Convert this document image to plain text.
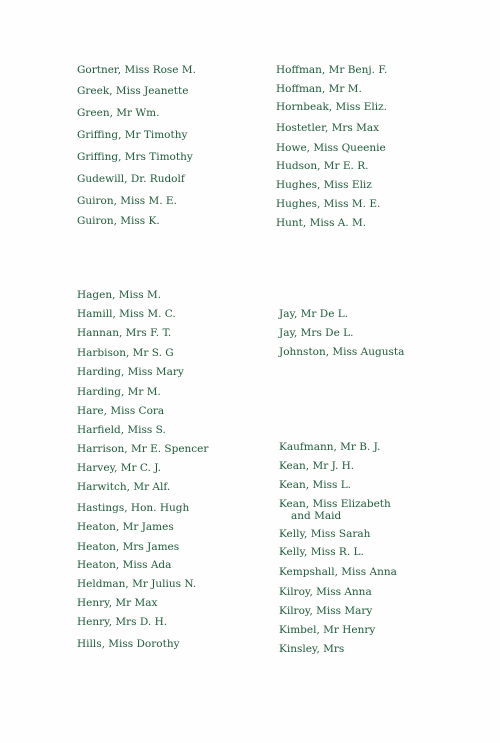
Gortner, Miss Rose M.
Greek, Miss Jeanette
Green, Mr Wm.
Griffing, Mr Timothy
Griffing, Mrs Timothy
Gudewill, Dr. Rudolf
Guiron, Miss M. E.
Guiron, Miss K.
Hoffman, Mr Benj. F.
Hoffman, Mr M.
Hornbeak, Miss Eliz.
Hostetler, Mrs Max
Howe, Miss Queenie
Hudson, Mr E. R.
Hughes, Miss Eliz
Hughes, Miss M. E.
Hunt, Miss A. M.
Hagen, Miss M.
Hamill, Miss M. C.
Hannan, Mrs F. T.
Harbison, Mr S. G
Harding, Miss Mary
Harding, Mr M.
Hare, Miss Cora
Harfield, Miss S.
Harrison, Mr E. Spencer
Harvey, Mr C. J.
Harwitch, Mr Alf.
Hastings, Hon. Hugh
Heaton, Mr James
Heaton, Mrs James
Heaton, Miss Ada
Heldman, Mr Julius N.
Henry, Mr Max
Henry, Mrs D. H.
Hills, Miss Dorothy
Jay, Mr De L.
Jay, Mrs De L.
Johnston, Miss Augusta
Kaufmann, Mr B. J.
Kean, Mr J. H.
Kean, Miss L.
Kean, Miss Elizabeth
and Maid
Kelly, Miss Sarah
Kelly, Miss R. L.
Kempshall, Miss Anna
Kilroy, Miss Anna
Kilroy, Miss Mary
Kimbel, Mr Henry
Kinsley, Mrs
